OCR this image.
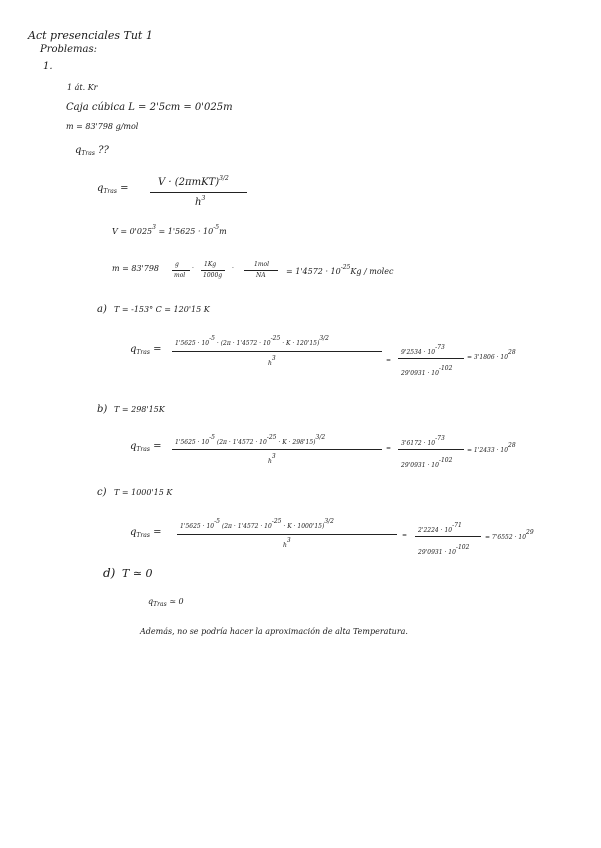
Act presenciales Tut 1
Problemas:
1.
1 át. Kr
Caja cúbica L = 2'5cm = 0'025m
m = 83'798 g/mol
$q_{Tras}$ ??
$q_{Tras}$ =
$V \cdot (2\pi mKT)^{3/2}$
$h^3$
$V = 0'025^3 = 1'5625 \cdot 10^{-5}m$
m = 83'798	g
mol
·
1Kg
1000g
·
1mol
NA	= $1'4572 \cdot 10^{-25}Kg$ / molec
a) T = -153° C = 120'15 K
$q_{Tras}$ =
$1'5625 \cdot 10^{-5} \cdot (2\pi \cdot 1'4572 \cdot 10^{-25} \cdot K \cdot 120'15)^{3/2}$
$h^3$	=
$9'2534 \cdot 10^{-73}$
$29'0931 \cdot 10^{-102}$
= $3'1806 \cdot 10^{28}$
b) T = 298'15K
$q_{Tras} = 1'5625 \cdot 10^{-5}$ $(2\pi \cdot 1'4572 \cdot 10^{-25} \cdot K \cdot 298'15)^{3/2}$
$h^3$
=
$3'6172 \cdot 10^{-73}$
$29'0931 \cdot 10^{-102}$
= $1'2433 \cdot 10^{28}$
c) T = 1000'15 K
$q_{Tras}$ =
$1'5625 \cdot 10^{-5}$ $(2\pi \cdot 1'4572 \cdot 10^{-25} \cdot K \cdot 1000'15)^{3/2}$
$h^3$
=
$2'2224 \cdot 10^{-71}$
$29'0931 \cdot 10^{-102}$
= $7'6552 \cdot 10^{29}$
d) T ≃ 0
$q_{Tras}$ ≃ 0
Además, no se podría hacer la aproximación de alta Temperatura.
